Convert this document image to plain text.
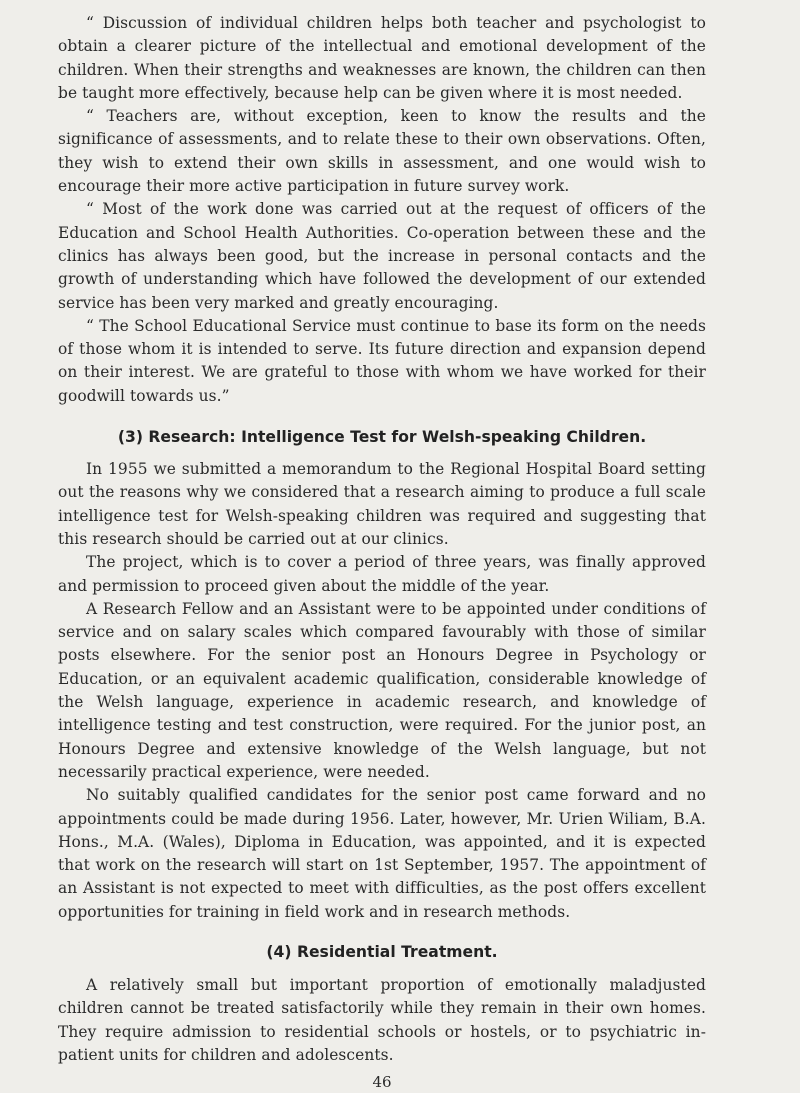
“ Discussion of individual children helps both teacher and psychologist to obtain a clearer picture of the intellectual and emotional development of the children. When their strengths and weaknesses are known, the children can then be taught more effectively, because help can be given where it is most needed.

“ Teachers are, without exception, keen to know the results and the significance of assessments, and to relate these to their own observations. Often, they wish to extend their own skills in assessment, and one would wish to encourage their more active participation in future survey work.

“ Most of the work done was carried out at the request of officers of the Education and School Health Authorities. Co-operation between these and the clinics has always been good, but the increase in personal contacts and the growth of understanding which have followed the development of our extended service has been very marked and greatly encouraging.

“ The School Educational Service must continue to base its form on the needs of those whom it is intended to serve. Its future direction and expansion depend on their interest. We are grateful to those with whom we have worked for their goodwill towards us.”

(3) Research: Intelligence Test for Welsh-speaking Children.

In 1955 we submitted a memorandum to the Regional Hospital Board setting out the reasons why we considered that a research aiming to produce a full scale intelligence test for Welsh-speaking children was required and suggesting that this research should be carried out at our clinics.

The project, which is to cover a period of three years, was finally approved and permission to proceed given about the middle of the year.

A Research Fellow and an Assistant were to be appointed under conditions of service and on salary scales which compared favourably with those of similar posts elsewhere. For the senior post an Honours Degree in Psychology or Education, or an equivalent academic qualification, considerable knowledge of the Welsh language, experience in academic research, and knowledge of intelligence testing and test construction, were required. For the junior post, an Honours Degree and extensive knowledge of the Welsh language, but not necessarily practical experience, were needed.

No suitably qualified candidates for the senior post came forward and no appointments could be made during 1956. Later, however, Mr. Urien Wiliam, B.A. Hons., M.A. (Wales), Diploma in Education, was appointed, and it is expected that work on the research will start on 1st September, 1957. The appointment of an Assistant is not expected to meet with difficulties, as the post offers excellent opportunities for training in field work and in research methods.

(4) Residential Treatment.

A relatively small but important proportion of emotionally maladjusted children cannot be treated satisfactorily while they remain in their own homes. They require admission to residential schools or hostels, or to psychiatric in-patient units for children and adolescents.

46
